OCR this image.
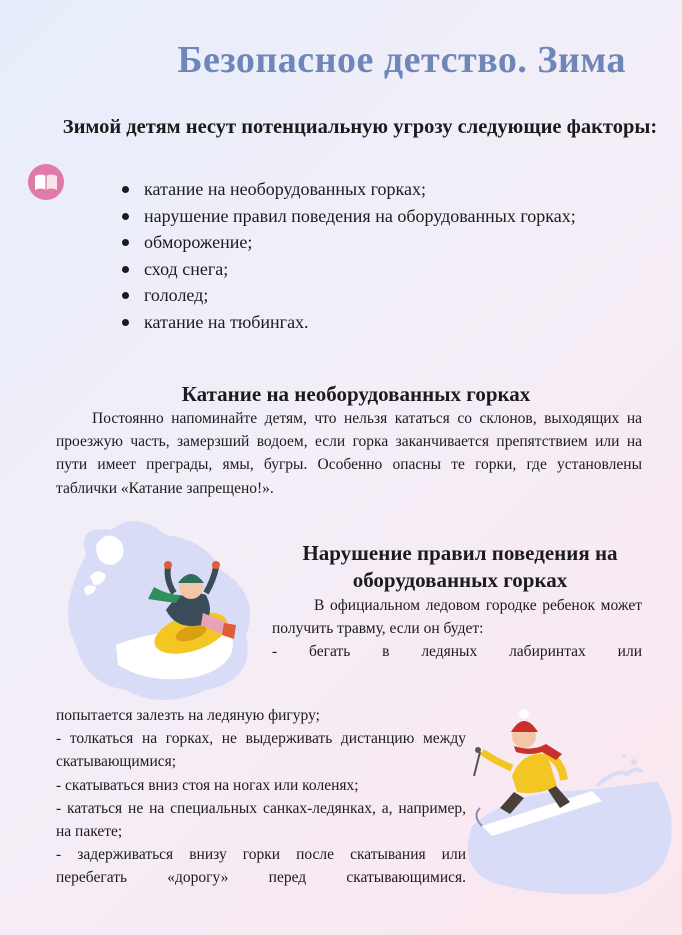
Безопасное детство. Зима
Зимой детям несут потенциальную угрозу следующие факторы:
катание на необорудованных горках;
нарушение правил поведения на оборудованных горках;
обморожение;
сход снега;
гололед;
катание на тюбингах.
Катание на необорудованных горках
Постоянно напоминайте детям, что нельзя кататься со склонов, выходящих на проезжую часть, замерзший водоем, если горка заканчивается препятствием или на пути имеет преграды, ямы, бугры. Особенно опасны те горки, где установлены таблички «Катание запрещено!».
Нарушение правил поведения на оборудованных горках
В официальном ледовом городке ребенок может получить травму, если он будет:
- бегать в ледяных лабиринтах или
попытается залезть на ледяную фигуру;
- толкаться на горках, не выдерживать дистанцию между скатывающимися;
- скатываться вниз стоя на ногах или коленях;
- кататься не на специальных санках-ледянках, а, например, на пакете;
- задерживаться внизу горки после скатывания или перебегать «дорогу» перед скатывающимися.
